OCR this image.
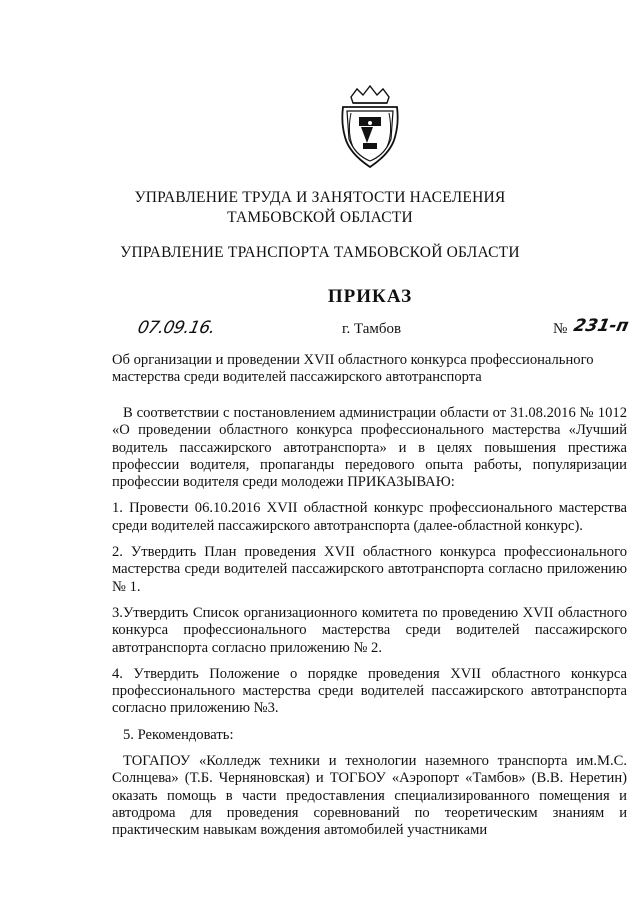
УПРАВЛЕНИЕ ТРУДА И ЗАНЯТОСТИ НАСЕЛЕНИЯ
ТАМБОВСКОЙ ОБЛАСТИ
УПРАВЛЕНИЕ ТРАНСПОРТА ТАМБОВСКОЙ ОБЛАСТИ
ПРИКАЗ
07.09.16.	г. Тамбов	№ 231-п
Об организации и проведении XVII областного конкурса профессионального мастерства среди водителей пассажирского автотранспорта

В соответствии с постановлением администрации области от 31.08.2016 № 1012 «О проведении областного конкурса профессионального мастерства «Лучший водитель пассажирского автотранспорта» и в целях повышения престижа профессии водителя, пропаганды передового опыта работы, популяризации профессии водителя среди молодежи ПРИКАЗЫВАЮ:

1. Провести 06.10.2016 XVII областной конкурс профессионального мастерства среди водителей пассажирского автотранспорта (далее-областной конкурс).

2. Утвердить План проведения XVII областного конкурса профессионального мастерства среди водителей пассажирского автотранспорта согласно приложению № 1.

3.Утвердить Список организационного комитета по проведению XVII областного конкурса профессионального мастерства среди водителей пассажирского автотранспорта согласно приложению № 2.

4. Утвердить Положение о порядке проведения XVII областного конкурса профессионального мастерства среди водителей пассажирского автотранспорта согласно приложению №3.

5. Рекомендовать:

ТОГАПОУ «Колледж техники и технологии наземного транспорта им.М.С. Солнцева» (Т.Б. Черняновская) и ТОГБОУ «Аэропорт «Тамбов» (В.В. Неретин) оказать помощь в части предоставления специализированного помещения и автодрома для проведения соревнований по теоретическим знаниям и практическим навыкам вождения автомобилей участниками
